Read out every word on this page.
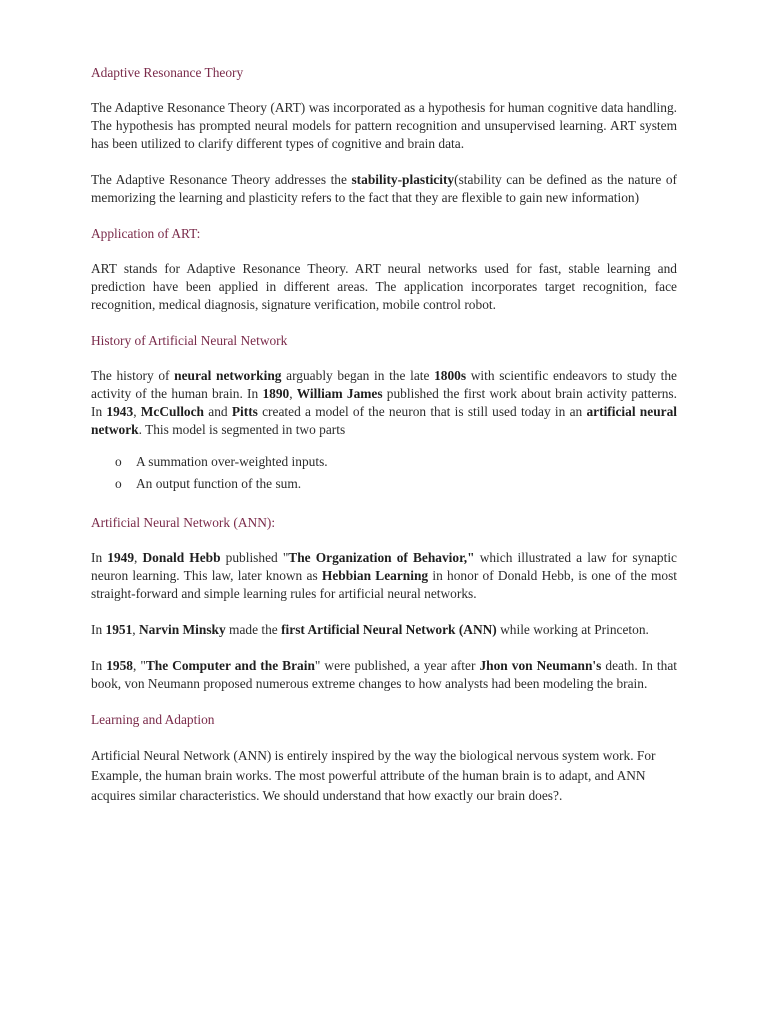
Adaptive Resonance Theory

The Adaptive Resonance Theory (ART) was incorporated as a hypothesis for human cognitive data handling. The hypothesis has prompted neural models for pattern recognition and unsupervised learning. ART system has been utilized to clarify different types of cognitive and brain data.

The Adaptive Resonance Theory addresses the stability-plasticity(stability can be defined as the nature of memorizing the learning and plasticity refers to the fact that they are flexible to gain new information)

Application of ART:

ART stands for Adaptive Resonance Theory. ART neural networks used for fast, stable learning and prediction have been applied in different areas. The application incorporates target recognition, face recognition, medical diagnosis, signature verification, mobile control robot.

History of Artificial Neural Network

The history of neural networking arguably began in the late 1800s with scientific endeavors to study the activity of the human brain. In 1890, William James published the first work about brain activity patterns. In 1943, McCulloch and Pitts created a model of the neuron that is still used today in an artificial neural network. This model is segmented in two parts

o A summation over-weighted inputs.
o An output function of the sum.
Artificial Neural Network (ANN):

In 1949, Donald Hebb published "The Organization of Behavior," which illustrated a law for synaptic neuron learning. This law, later known as Hebbian Learning in honor of Donald Hebb, is one of the most straight-forward and simple learning rules for artificial neural networks.

In 1951, Narvin Minsky made the first Artificial Neural Network (ANN) while working at Princeton.

In 1958, "The Computer and the Brain" were published, a year after Jhon von Neumann's death. In that book, von Neumann proposed numerous extreme changes to how analysts had been modeling the brain.

Learning and Adaption

Artificial Neural Network (ANN) is entirely inspired by the way the biological nervous system work. For Example, the human brain works. The most powerful attribute of the human brain is to adapt, and ANN acquires similar characteristics. We should understand that how exactly our brain does?.
